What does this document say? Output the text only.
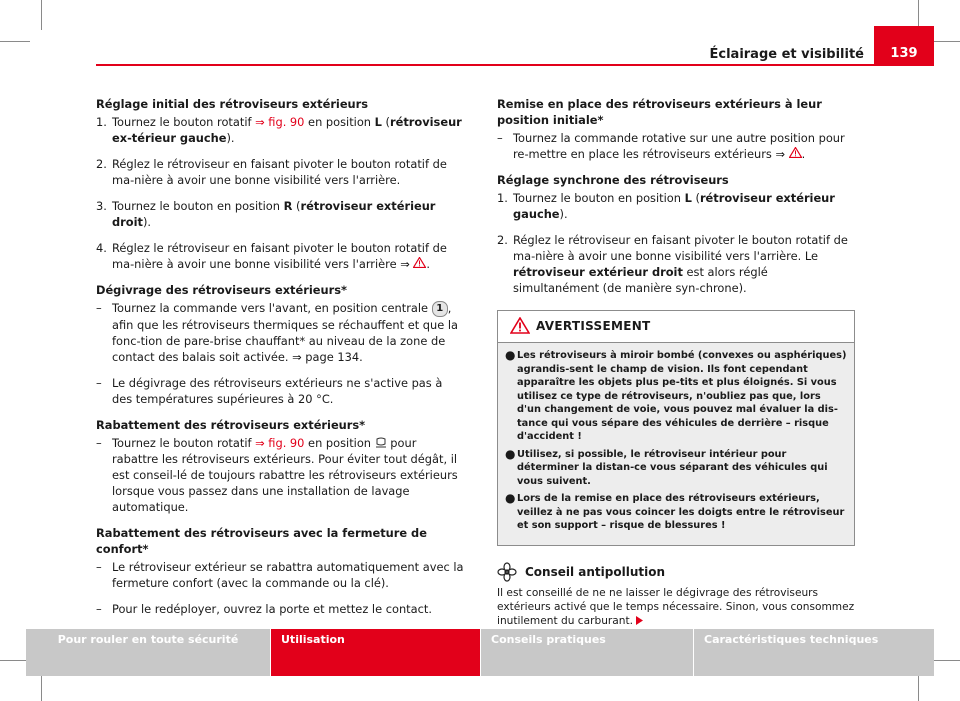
139
Éclairage et visibilité
Réglage initial des rétroviseurs extérieurs
1. Tournez le bouton rotatif ⇒ fig. 90 en position L (rétroviseur ex-térieur gauche).
2. Réglez le rétroviseur en faisant pivoter le bouton rotatif de ma-nière à avoir une bonne visibilité vers l'arrière.
3. Tournez le bouton en position R (rétroviseur extérieur droit).
4. Réglez le rétroviseur en faisant pivoter le bouton rotatif de ma-nière à avoir une bonne visibilité vers l'arrière ⇒ .
Dégivrage des rétroviseurs extérieurs*
– Tournez la commande vers l'avant, en position centrale 1 , afin que les rétroviseurs thermiques se réchauffent et que la fonc-tion de pare-brise chauffant* au niveau de la zone de contact des balais soit activée. ⇒ page 134.
– Le dégivrage des rétroviseurs extérieurs ne s'active pas à des températures supérieures à 20 °C.
Rabattement des rétroviseurs extérieurs*
– Tournez le bouton rotatif ⇒ fig. 90 en position  pour rabattre les rétroviseurs extérieurs. Pour éviter tout dégât, il est conseil-lé de toujours rabattre les rétroviseurs extérieurs lorsque vous passez dans une installation de lavage automatique.
Rabattement des rétroviseurs avec la fermeture de confort*
– Le rétroviseur extérieur se rabattra automatiquement avec la fermeture confort (avec la commande ou la clé).
– Pour le redéployer, ouvrez la porte et mettez le contact.
Remise en place des rétroviseurs extérieurs à leur position initiale*
– Tournez la commande rotative sur une autre position pour re-mettre en place les rétroviseurs extérieurs ⇒ .
Réglage synchrone des rétroviseurs
1. Tournez le bouton en position L (rétroviseur extérieur gauche).
2. Réglez le rétroviseur en faisant pivoter le bouton rotatif de ma-nière à avoir une bonne visibilité vers l'arrière. Le rétroviseur extérieur droit est alors réglé simultanément (de manière syn-chrone).
AVERTISSEMENT
● Les rétroviseurs à miroir bombé (convexes ou asphériques) agrandis-sent le champ de vision. Ils font cependant apparaître les objets plus pe-tits et plus éloignés. Si vous utilisez ce type de rétroviseurs, n'oubliez pas que, lors d'un changement de voie, vous pouvez mal évaluer la dis-tance qui vous sépare des véhicules de derrière – risque d'accident !
● Utilisez, si possible, le rétroviseur intérieur pour déterminer la distan-ce vous séparant des véhicules qui vous suivent.
● Lors de la remise en place des rétroviseurs extérieurs, veillez à ne pas vous coincer les doigts entre le rétroviseur et son support – risque de blessures !
Conseil antipollution
Il est conseillé de ne ne laisser le dégivrage des rétroviseurs extérieurs activé que le temps nécessaire. Sinon, vous consommez inutilement du carburant.
Pour rouler en toute sécurité	Utilisation	Conseils pratiques	Caractéristiques techniques
